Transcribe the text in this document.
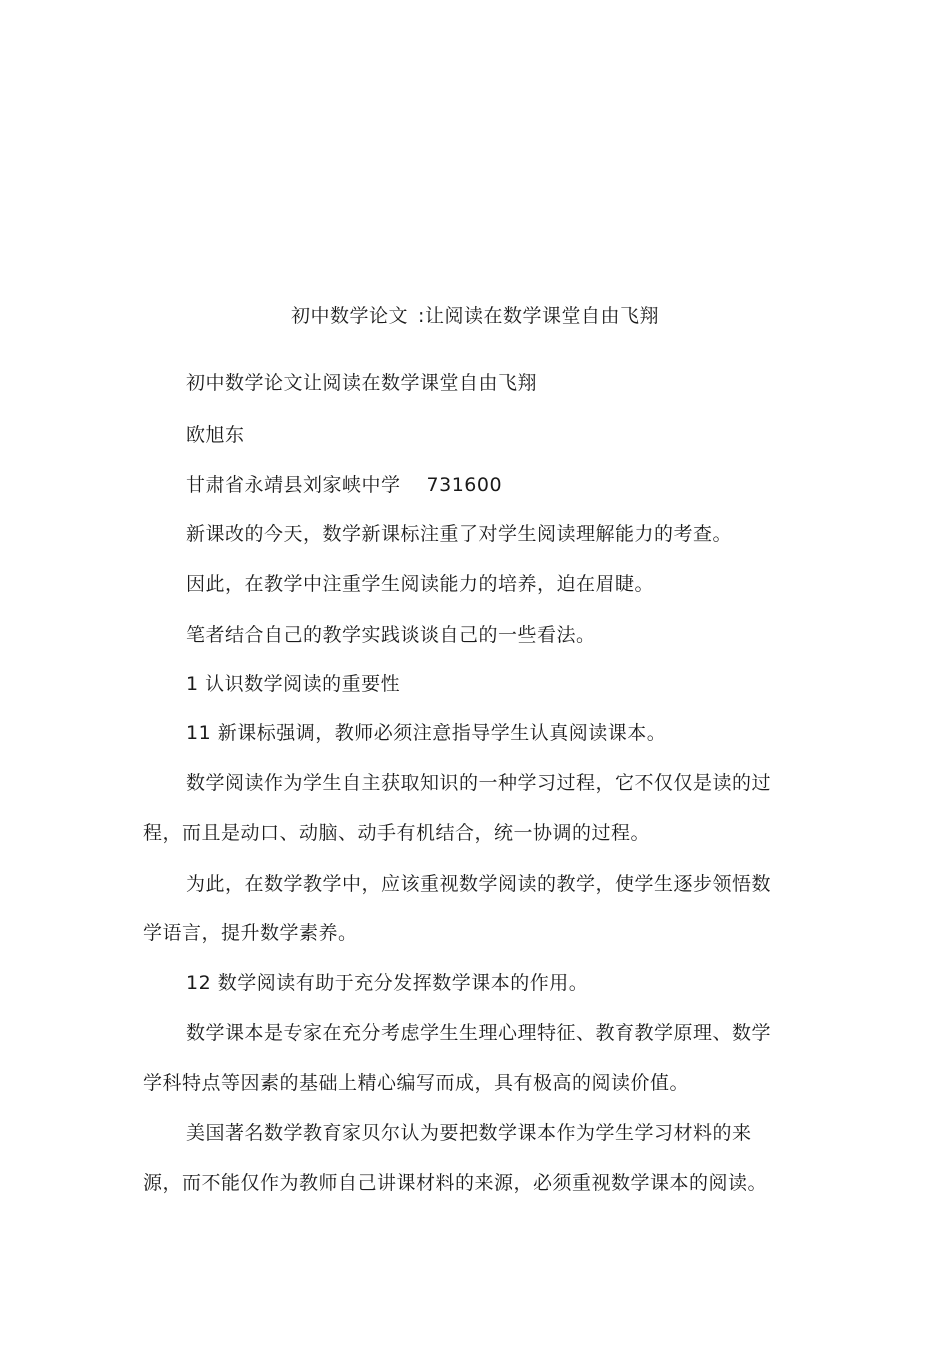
初中数学论文 :让阅读在数学课堂自由飞翔
初中数学论文让阅读在数学课堂自由飞翔
欧旭东
甘肃省永靖县刘家峡中学 731600
新课改的今天，数学新课标注重了对学生阅读理解能力的考查。
因此，在教学中注重学生阅读能力的培养，迫在眉睫。
笔者结合自己的教学实践谈谈自己的一些看法。
1 认识数学阅读的重要性
11 新课标强调，教师必须注意指导学生认真阅读课本。
数学阅读作为学生自主获取知识的一种学习过程，它不仅仅是读的过
程，而且是动口、动脑、动手有机结合，统一协调的过程。
为此，在数学教学中，应该重视数学阅读的教学，使学生逐步领悟数
学语言，提升数学素养。
12 数学阅读有助于充分发挥数学课本的作用。
数学课本是专家在充分考虑学生生理心理特征、教育教学原理、数学
学科特点等因素的基础上精心编写而成，具有极高的阅读价值。
美国著名数学教育家贝尔认为要把数学课本作为学生学习材料的来
源，而不能仅作为教师自己讲课材料的来源，必须重视数学课本的阅读。
